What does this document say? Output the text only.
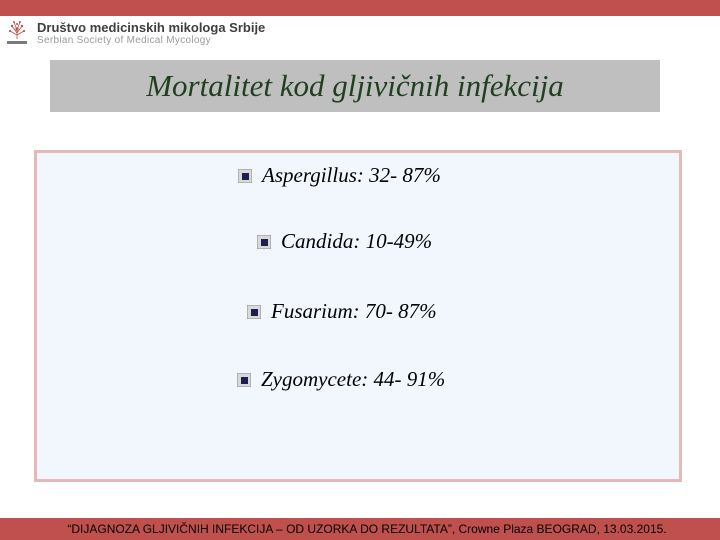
Društvo medicinskih mikologa Srbije
Serbian Society of Medical Mycology
Mortalitet kod gljivičnih infekcija
Aspergillus: 32- 87%
Candida: 10-49%
Fusarium: 70- 87%
Zygomycete: 44- 91%
“DIJAGNOZA GLJIVIČNIH INFEKCIJA – OD UZORKA DO REZULTATA”, Crowne Plaza BEOGRAD, 13.03.2015.
